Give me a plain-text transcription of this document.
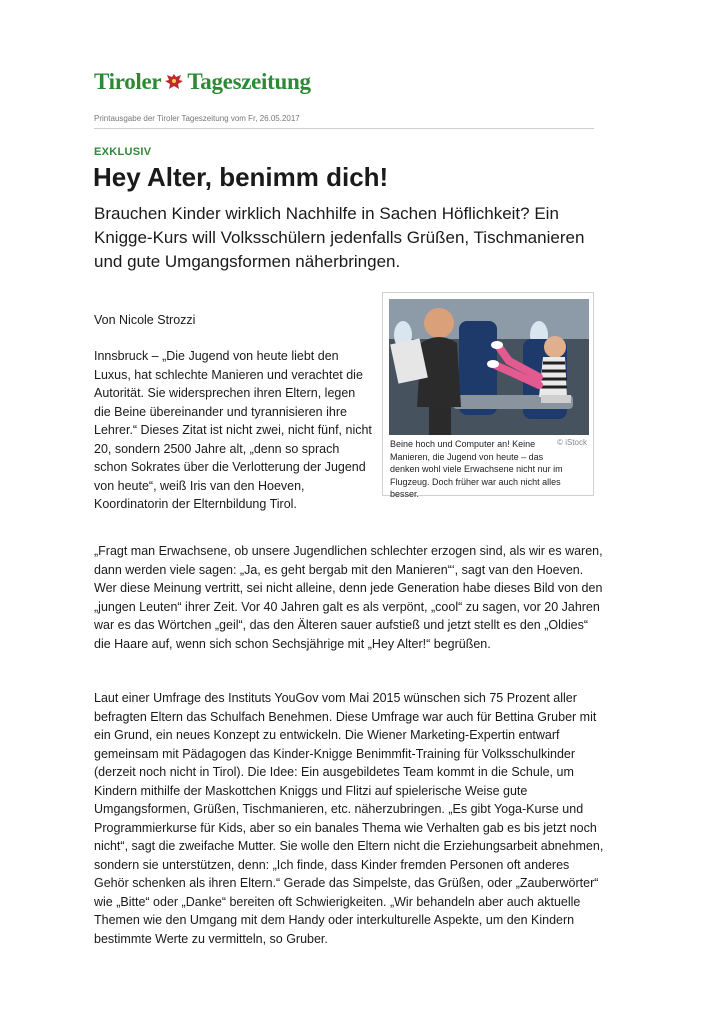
Tiroler Tageszeitung
Printausgabe der Tiroler Tageszeitung vom Fr, 26.05.2017
EXKLUSIV
Hey Alter, benimm dich!

Brauchen Kinder wirklich Nachhilfe in Sachen Höflichkeit? Ein Knigge-Kurs will Volksschülern jedenfalls Grüßen, Tischmanieren und gute Umgangsformen näherbringen.

Von Nicole Strozzi

Innsbruck – „Die Jugend von heute liebt den Luxus, hat schlechte Manieren und verachtet die Autorität. Sie widersprechen ihren Eltern, legen die Beine übereinander und tyrannisieren ihre Lehrer.“ Dieses Zitat ist nicht zwei, nicht fünf, nicht 20, sondern 2500 Jahre alt, „denn so sprach schon Sokrates über die Verlotterung der Jugend von heute“, weiß Iris van den Hoeven, Koordinatorin der Elternbildung Tirol.

Beine hoch und Computer an! Keine Manieren, die Jugend von heute – das denken wohl viele Erwachsene nicht nur im Flugzeug. Doch früher war auch nicht alles besser.
© iStock

„Fragt man Erwachsene, ob unsere Jugendlichen schlechter erzogen sind, als wir es waren, dann werden viele sagen: „Ja, es geht bergab mit den Manieren“‘, sagt van den Hoeven. Wer diese Meinung vertritt, sei nicht alleine, denn jede Generation habe dieses Bild von den „jungen Leuten“ ihrer Zeit. Vor 40 Jahren galt es als verpönt, „cool“ zu sagen, vor 20 Jahren war es das Wörtchen „geil“, das den Älteren sauer aufstieß und jetzt stellt es den „Oldies“ die Haare auf, wenn sich schon Sechsjährige mit „Hey Alter!“ begrüßen.

Laut einer Umfrage des Instituts YouGov vom Mai 2015 wünschen sich 75 Prozent aller befragten Eltern das Schulfach Benehmen. Diese Umfrage war auch für Bettina Gruber mit ein Grund, ein neues Konzept zu entwickeln. Die Wiener Marketing-Expertin entwarf gemeinsam mit Pädagogen das Kinder-Knigge Benimmfit-Training für Volksschulkinder (derzeit noch nicht in Tirol). Die Idee: Ein ausgebildetes Team kommt in die Schule, um Kindern mithilfe der Maskottchen Kniggs und Flitzi auf spielerische Weise gute Umgangsformen, Grüßen, Tischmanieren, etc. näherzubringen. „Es gibt Yoga-Kurse und Programmierkurse für Kids, aber so ein banales Thema wie Verhalten gab es bis jetzt noch nicht“, sagt die zweifache Mutter. Sie wolle den Eltern nicht die Erziehungsarbeit abnehmen, sondern sie unterstützen, denn: „Ich finde, dass Kinder fremden Personen oft anderes Gehör schenken als ihren Eltern.“ Gerade das Simpelste, das Grüßen, oder „Zauberwörter“ wie „Bitte“ oder „Danke“ bereiten oft Schwierigkeiten. „Wir behandeln aber auch aktuelle Themen wie den Umgang mit dem Handy oder interkulturelle Aspekte, um den Kindern bestimmte Werte zu vermitteln, so Gruber.
